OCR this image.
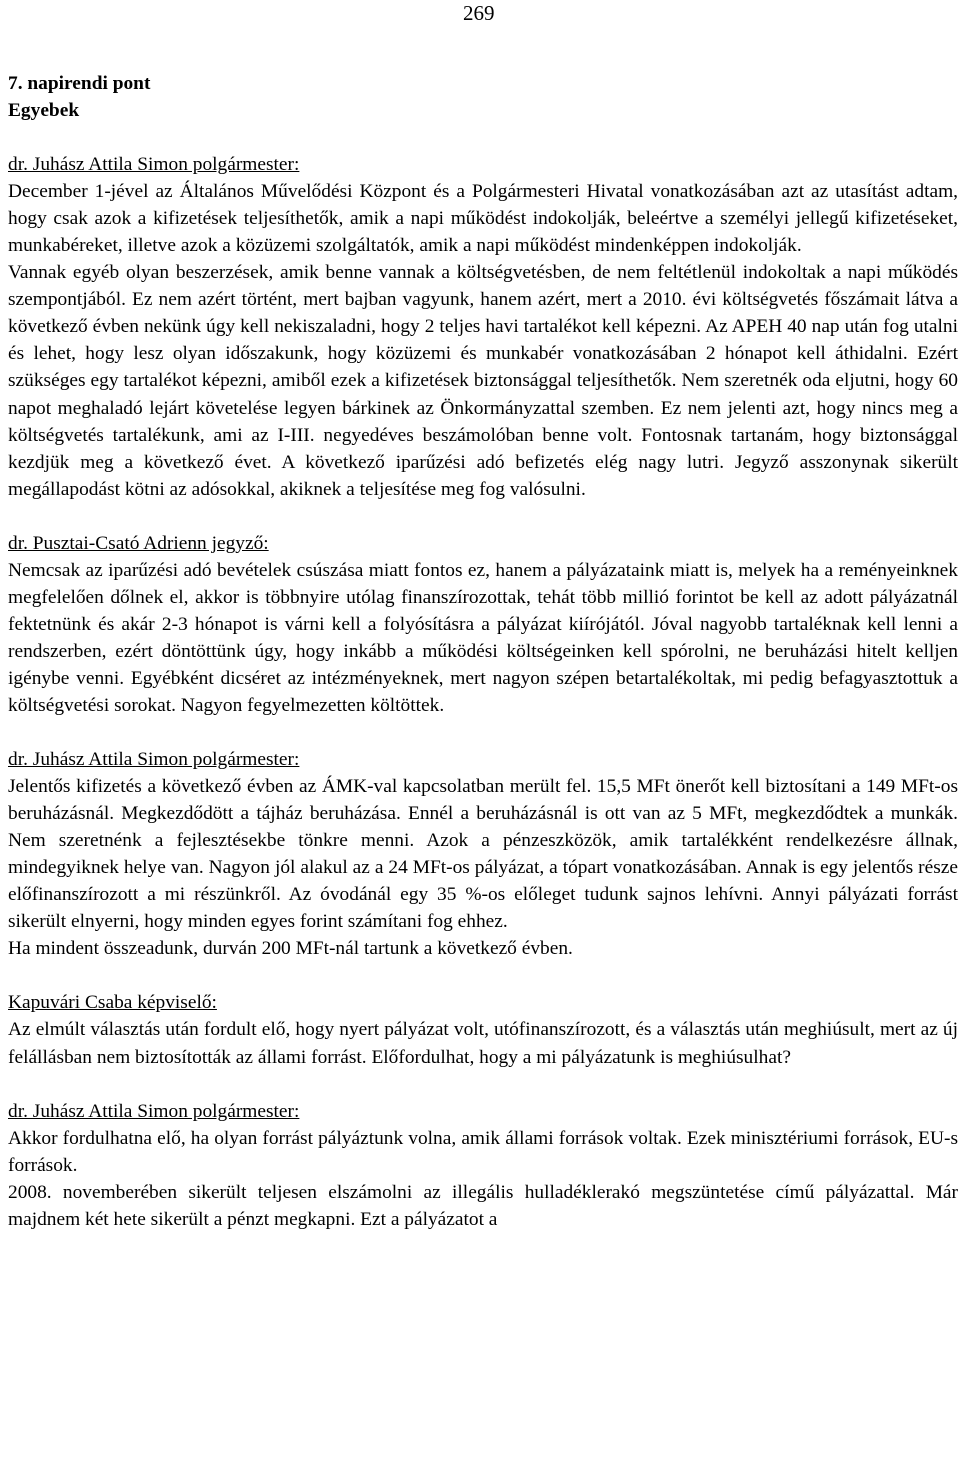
269

7. napirendi pont

Egyebek

dr. Juhász Attila Simon polgármester:

December 1-jével az Általános Művelődési Központ és a Polgármesteri Hivatal vonatkozásában azt az utasítást adtam, hogy csak azok a kifizetések teljesíthetők, amik a napi működést indokolják, beleértve a személyi jellegű kifizetéseket, munkabéreket, illetve azok a közüzemi szolgáltatók, amik a napi működést mindenképpen indokolják.

Vannak egyéb olyan beszerzések, amik benne vannak a költségvetésben, de nem feltétlenül indokoltak a napi működés szempontjából. Ez nem azért történt, mert bajban vagyunk, hanem azért, mert a 2010. évi költségvetés főszámait látva a következő évben nekünk úgy kell nekiszaladni, hogy 2 teljes havi tartalékot kell képezni. Az APEH 40 nap után fog utalni és lehet, hogy lesz olyan időszakunk, hogy közüzemi és munkabér vonatkozásában 2 hónapot kell áthidalni. Ezért szükséges egy tartalékot képezni, amiből ezek a kifizetések biztonsággal teljesíthetők. Nem szeretnék oda eljutni, hogy 60 napot meghaladó lejárt követelése legyen bárkinek az Önkormányzattal szemben. Ez nem jelenti azt, hogy nincs meg a költségvetés tartalékunk, ami az I-III. negyedéves beszámolóban benne volt. Fontosnak tartanám, hogy biztonsággal kezdjük meg a következő évet. A következő iparűzési adó befizetés elég nagy lutri. Jegyző asszonynak sikerült megállapodást kötni az adósokkal, akiknek a teljesítése meg fog valósulni.

dr. Pusztai-Csató Adrienn jegyző:

Nemcsak az iparűzési adó bevételek csúszása miatt fontos ez, hanem a pályázataink miatt is, melyek ha a reményeinknek megfelelően dőlnek el, akkor is többnyire utólag finanszírozottak, tehát több millió forintot be kell az adott pályázatnál fektetnünk és akár 2-3 hónapot is várni kell a folyósításra a pályázat kiírójától. Jóval nagyobb tartaléknak kell lenni a rendszerben, ezért döntöttünk úgy, hogy inkább a működési költségeinken kell spórolni, ne beruházási hitelt kelljen igénybe venni. Egyébként dicséret az intézményeknek, mert nagyon szépen betartalékoltak, mi pedig befagyasztottuk a költségvetési sorokat. Nagyon fegyelmezetten költöttek.

dr. Juhász Attila Simon polgármester:

Jelentős kifizetés a következő évben az ÁMK-val kapcsolatban merült fel. 15,5 MFt önerőt kell biztosítani a 149 MFt-os beruházásnál. Megkezdődött a tájház beruházása. Ennél a beruházásnál is ott van az 5 MFt, megkezdődtek a munkák. Nem szeretnénk a fejlesztésekbe tönkre menni. Azok a pénzeszközök, amik tartalékként rendelkezésre állnak, mindegyiknek helye van. Nagyon jól alakul az a 24 MFt-os pályázat, a tópart vonatkozásában. Annak is egy jelentős része előfinanszírozott a mi részünkről. Az óvodánál egy 35 %-os előleget tudunk sajnos lehívni. Annyi pályázati forrást sikerült elnyerni, hogy minden egyes forint számítani fog ehhez.

Ha mindent összeadunk, durván 200 MFt-nál tartunk a következő évben.

Kapuvári Csaba képviselő:

Az elmúlt választás után fordult elő, hogy nyert pályázat volt, utófinanszírozott, és a választás után meghiúsult, mert az új felállásban nem biztosították az állami forrást. Előfordulhat, hogy a mi pályázatunk is meghiúsulhat?

dr. Juhász Attila Simon polgármester:

Akkor fordulhatna elő, ha olyan forrást pályáztunk volna, amik állami források voltak. Ezek minisztériumi források, EU-s források.

2008. novemberében sikerült teljesen elszámolni az illegális hulladéklerakó megszüntetése című pályázattal. Már majdnem két hete sikerült a pénzt megkapni. Ezt a pályázatot a
